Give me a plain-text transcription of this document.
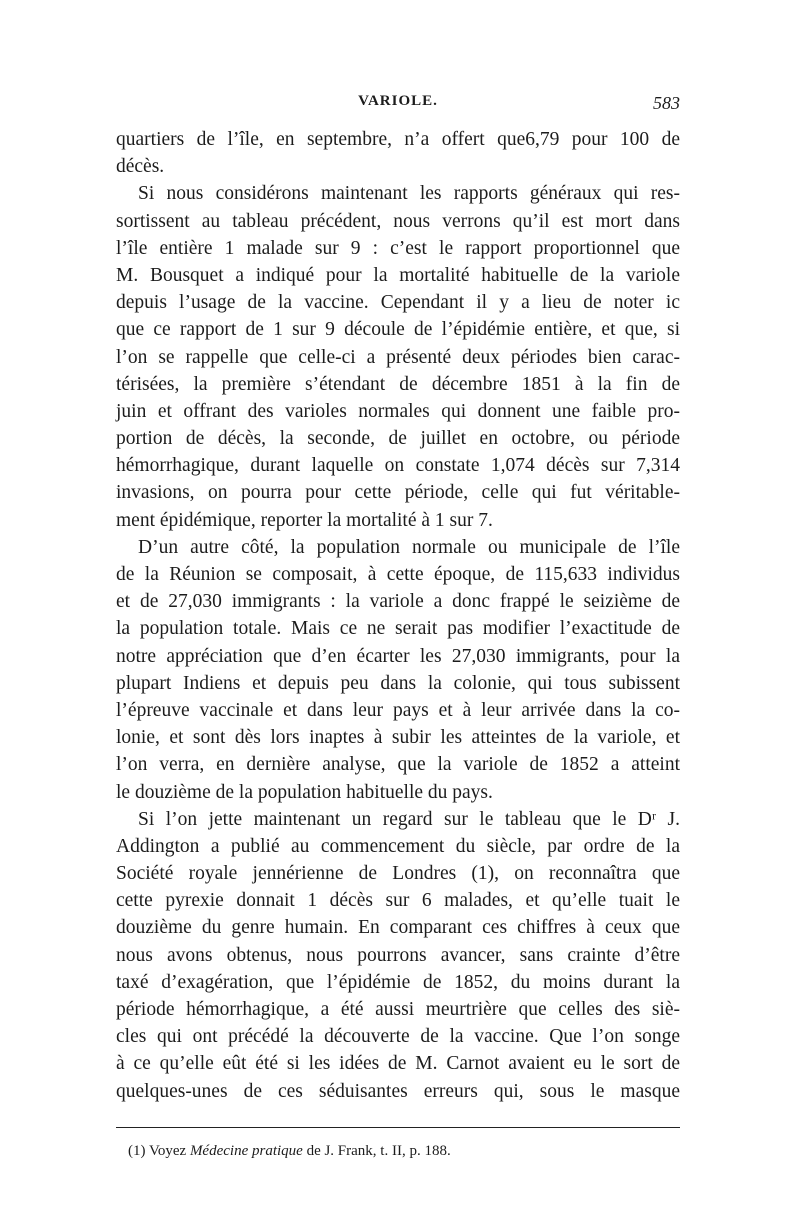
VARIOLE.	583
quartiers de l’île, en septembre, n’a offert que6,79 pour 100 de
décès.
Si nous considérons maintenant les rapports généraux qui res-
sortissent au tableau précédent, nous verrons qu’il est mort dans
l’île entière 1 malade sur 9 : c’est le rapport proportionnel que
M. Bousquet a indiqué pour la mortalité habituelle de la variole
depuis l’usage de la vaccine. Cependant il y a lieu de noter ic
que ce rapport de 1 sur 9 découle de l’épidémie entière, et que, si
l’on se rappelle que celle-ci a présenté deux périodes bien carac-
térisées, la première s’étendant de décembre 1851 à la fin de
juin et offrant des varioles normales qui donnent une faible pro-
portion de décès, la seconde, de juillet en octobre, ou période
hémorrhagique, durant laquelle on constate 1,074 décès sur 7,314
invasions, on pourra pour cette période, celle qui fut véritable-
ment épidémique, reporter la mortalité à 1 sur 7.
D’un autre côté, la population normale ou municipale de l’île
de la Réunion se composait, à cette époque, de 115,633 individus
et de 27,030 immigrants : la variole a donc frappé le seizième de
la population totale. Mais ce ne serait pas modifier l’exactitude de
notre appréciation que d’en écarter les 27,030 immigrants, pour la
plupart Indiens et depuis peu dans la colonie, qui tous subissent
l’épreuve vaccinale et dans leur pays et à leur arrivée dans la co-
lonie, et sont dès lors inaptes à subir les atteintes de la variole, et
l’on verra, en dernière analyse, que la variole de 1852 a atteint
le douzième de la population habituelle du pays.
Si l’on jette maintenant un regard sur le tableau que le Dʳ J.
Addington a publié au commencement du siècle, par ordre de la
Société royale jennérienne de Londres (1), on reconnaîtra que
cette pyrexie donnait 1 décès sur 6 malades, et qu’elle tuait le
douzième du genre humain. En comparant ces chiffres à ceux que
nous avons obtenus, nous pourrons avancer, sans crainte d’être
taxé d’exagération, que l’épidémie de 1852, du moins durant la
période hémorrhagique, a été aussi meurtrière que celles des siè-
cles qui ont précédé la découverte de la vaccine. Que l’on songe
à ce qu’elle eût été si les idées de M. Carnot avaient eu le sort de
quelques-unes de ces séduisantes erreurs qui, sous le masque
(1) Voyez Médecine pratique de J. Frank, t. II, p. 188.
